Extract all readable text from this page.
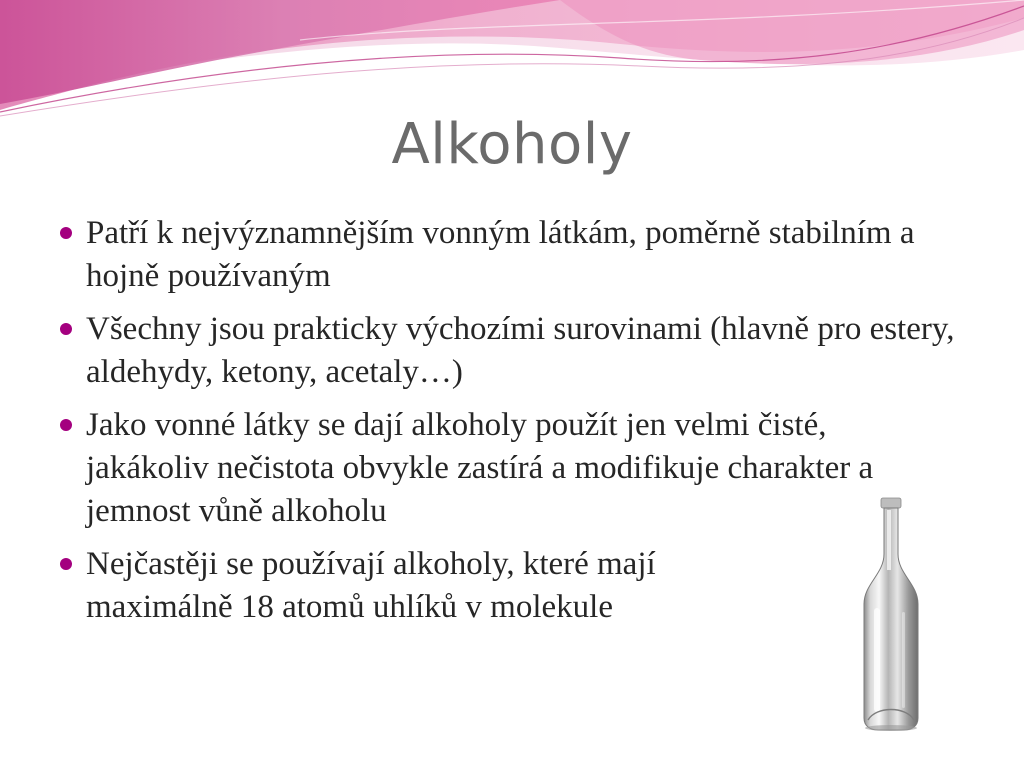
Alkoholy
Patří k nejvýznamnějším vonným látkám, poměrně stabilním a hojně používaným
Všechny jsou prakticky výchozími surovinami (hlavně pro estery, aldehydy, ketony, acetaly…)
Jako vonné látky se dají alkoholy použít jen velmi čisté, jakákoliv nečistota obvykle zastírá a modifikuje charakter a jemnost vůně alkoholu
Nejčastěji se používají alkoholy, které mají maximálně 18 atomů uhlíků v molekule
